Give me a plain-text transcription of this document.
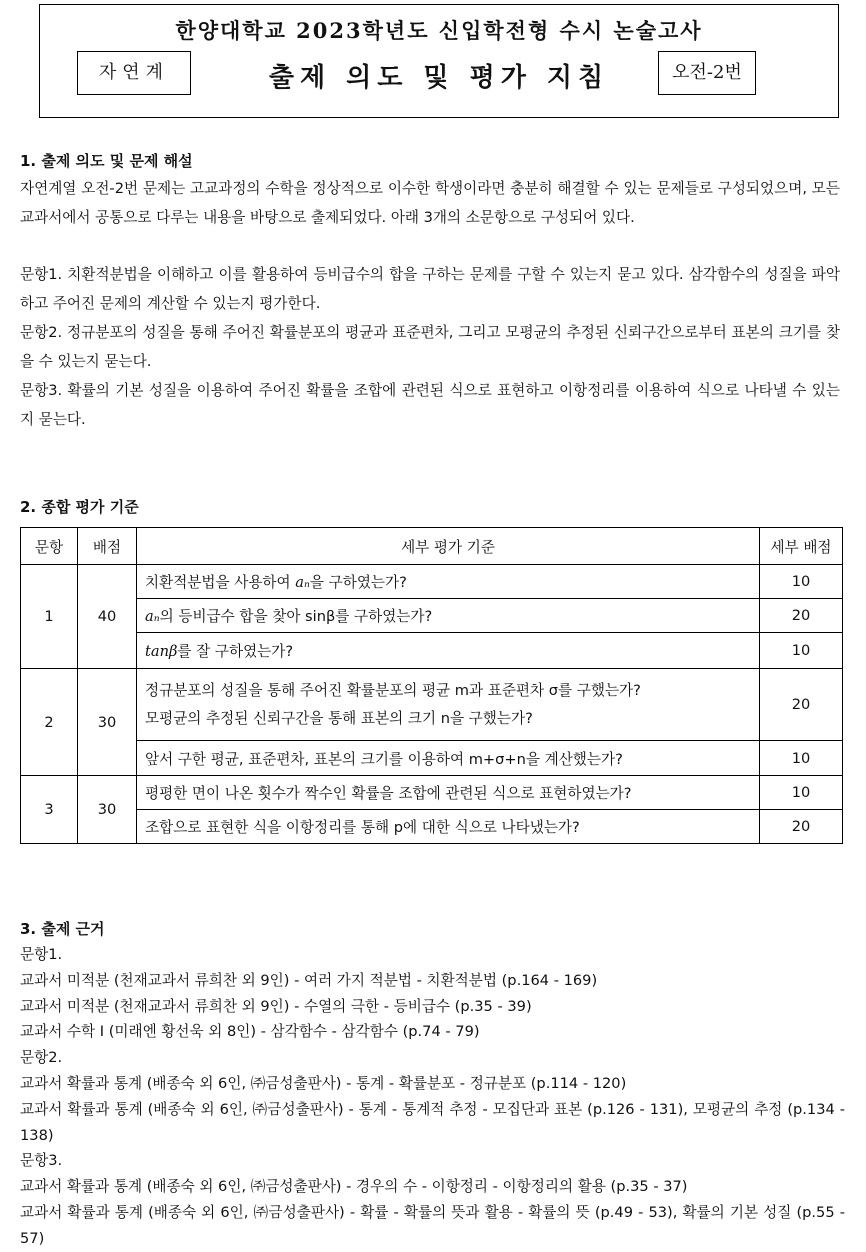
한양대학교 2023학년도 신입학전형 수시 논술고사
자연계	출제 의도 및 평가 지침	오전-2번
1. 출제 의도 및 문제 해설

자연계열 오전-2번 문제는 고교과정의 수학을 정상적으로 이수한 학생이라면 충분히 해결할 수 있는 문제들로 구성되었으며, 모든 교과서에서 공통으로 다루는 내용을 바탕으로 출제되었다. 아래 3개의 소문항으로 구성되어 있다.

문항1. 치환적분법을 이해하고 이를 활용하여 등비급수의 합을 구하는 문제를 구할 수 있는지 묻고 있다. 삼각함수의 성질을 파악하고 주어진 문제의 계산할 수 있는지 평가한다.

문항2. 정규분포의 성질을 통해 주어진 확률분포의 평균과 표준편차, 그리고 모평균의 추정된 신뢰구간으로부터 표본의 크기를 찾을 수 있는지 묻는다.

문항3. 확률의 기본 성질을 이용하여 주어진 확률을 조합에 관련된 식으로 표현하고 이항정리를 이용하여 식으로 나타낼 수 있는지 묻는다.

2. 종합 평가 기준
문항	배점	세부 평가 기준	세부 배점
1	40	치환적분법을 사용하여 aₙ을 구하였는가?	10
		aₙ의 등비급수 합을 찾아 sinβ를 구하였는가?	20
		tanβ를 잘 구하였는가?	10
2	30	정규분포의 성질을 통해 주어진 확률분포의 평균 m과 표준편차 σ를 구했는가?
모평균의 추정된 신뢰구간을 통해 표본의 크기 n을 구했는가?	20
		앞서 구한 평균, 표준편차, 표본의 크기를 이용하여 m+σ+n을 계산했는가?	10
3	30	평평한 면이 나온 횟수가 짝수인 확률을 조합에 관련된 식으로 표현하였는가?	10
		조합으로 표현한 식을 이항정리를 통해 p에 대한 식으로 나타냈는가?	20
3. 출제 근거
문항1.
교과서 미적분 (천재교과서 류희찬 외 9인) - 여러 가지 적분법 - 치환적분법 (p.164 - 169)
교과서 미적분 (천재교과서 류희찬 외 9인) - 수열의 극한 - 등비급수 (p.35 - 39)
교과서 수학 I (미래엔 황선욱 외 8인) - 삼각함수 - 삼각함수 (p.74 - 79)
문항2.
교과서 확률과 통계 (배종숙 외 6인, ㈜금성출판사) - 통계 - 확률분포 - 정규분포 (p.114 - 120)
교과서 확률과 통계 (배종숙 외 6인, ㈜금성출판사) - 통계 - 통계적 추정 - 모집단과 표본 (p.126 - 131), 모평균의 추정 (p.134 - 138)
문항3.
교과서 확률과 통계 (배종숙 외 6인, ㈜금성출판사) - 경우의 수 - 이항정리 - 이항정리의 활용 (p.35 - 37)
교과서 확률과 통계 (배종숙 외 6인, ㈜금성출판사) - 확률 - 확률의 뜻과 활용 - 확률의 뜻 (p.49 - 53), 확률의 기본 성질 (p.55 - 57)
